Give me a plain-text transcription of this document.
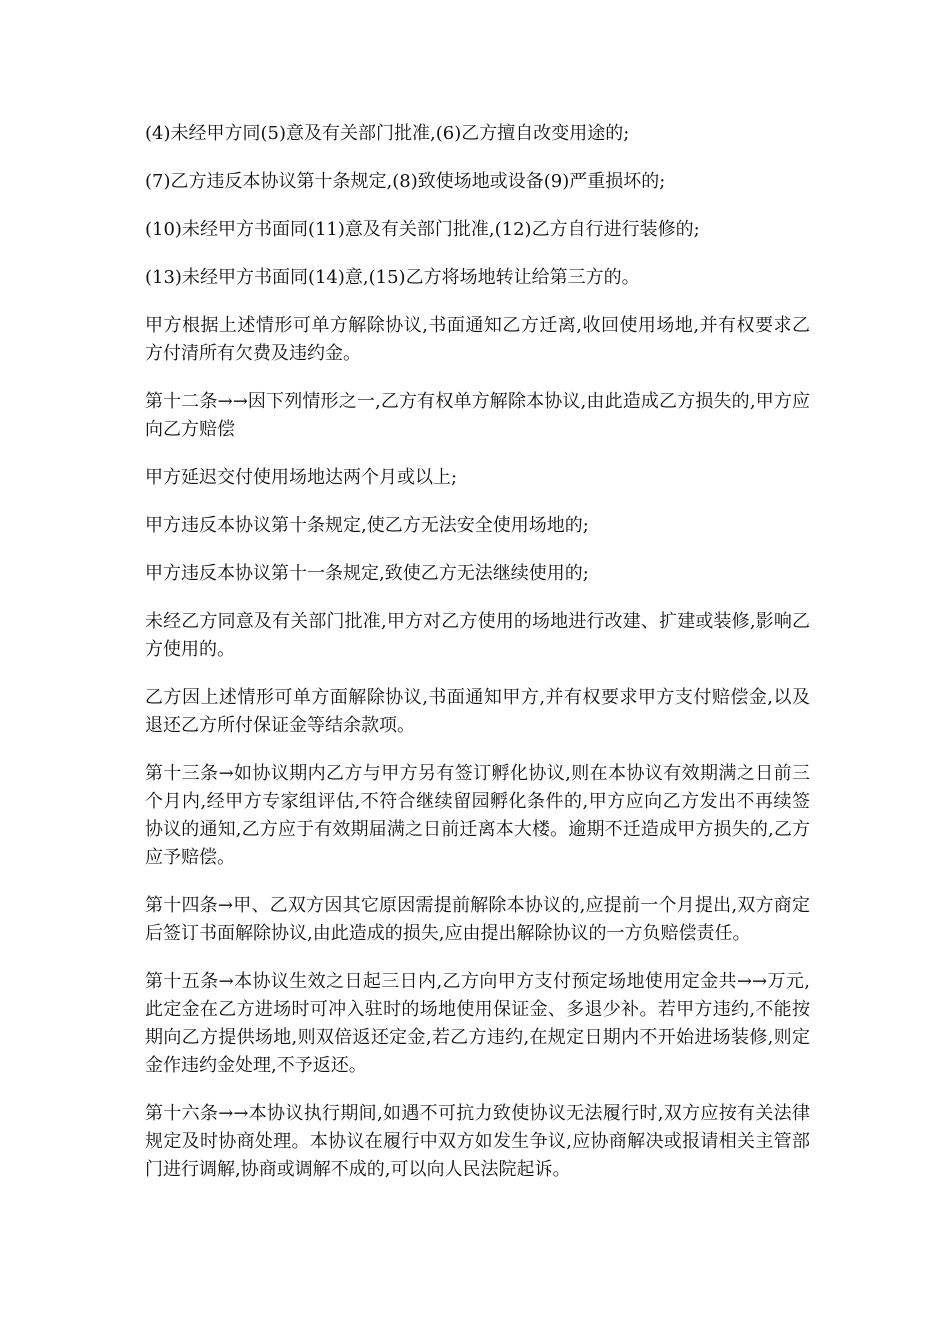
(4)未经甲方同(5)意及有关部门批准,(6)乙方擅自改变用途的;

(7)乙方违反本协议第十条规定,(8)致使场地或设备(9)严重损坏的;

(10)未经甲方书面同(11)意及有关部门批准,(12)乙方自行进行装修的;

(13)未经甲方书面同(14)意,(15)乙方将场地转让给第三方的。

甲方根据上述情形可单方解除协议,书面通知乙方迁离,收回使用场地,并有权要求乙方付清所有欠费及违约金。

第十二条→→因下列情形之一,乙方有权单方解除本协议,由此造成乙方损失的,甲方应向乙方赔偿

甲方延迟交付使用场地达两个月或以上;

甲方违反本协议第十条规定,使乙方无法安全使用场地的;

甲方违反本协议第十一条规定,致使乙方无法继续使用的;

未经乙方同意及有关部门批准,甲方对乙方使用的场地进行改建、扩建或装修,影响乙方使用的。

乙方因上述情形可单方面解除协议,书面通知甲方,并有权要求甲方支付赔偿金,以及退还乙方所付保证金等结余款项。

第十三条→如协议期内乙方与甲方另有签订孵化协议,则在本协议有效期满之日前三个月内,经甲方专家组评估,不符合继续留园孵化条件的,甲方应向乙方发出不再续签协议的通知,乙方应于有效期届满之日前迁离本大楼。逾期不迁造成甲方损失的,乙方应予赔偿。

第十四条→甲、乙双方因其它原因需提前解除本协议的,应提前一个月提出,双方商定后签订书面解除协议,由此造成的损失,应由提出解除协议的一方负赔偿责任。

第十五条→本协议生效之日起三日内,乙方向甲方支付预定场地使用定金共→→万元,此定金在乙方进场时可冲入驻时的场地使用保证金、多退少补。若甲方违约,不能按期向乙方提供场地,则双倍返还定金,若乙方违约,在规定日期内不开始进场装修,则定金作违约金处理,不予返还。

第十六条→→本协议执行期间,如遇不可抗力致使协议无法履行时,双方应按有关法律规定及时协商处理。本协议在履行中双方如发生争议,应协商解决或报请相关主管部门进行调解,协商或调解不成的,可以向人民法院起诉。
